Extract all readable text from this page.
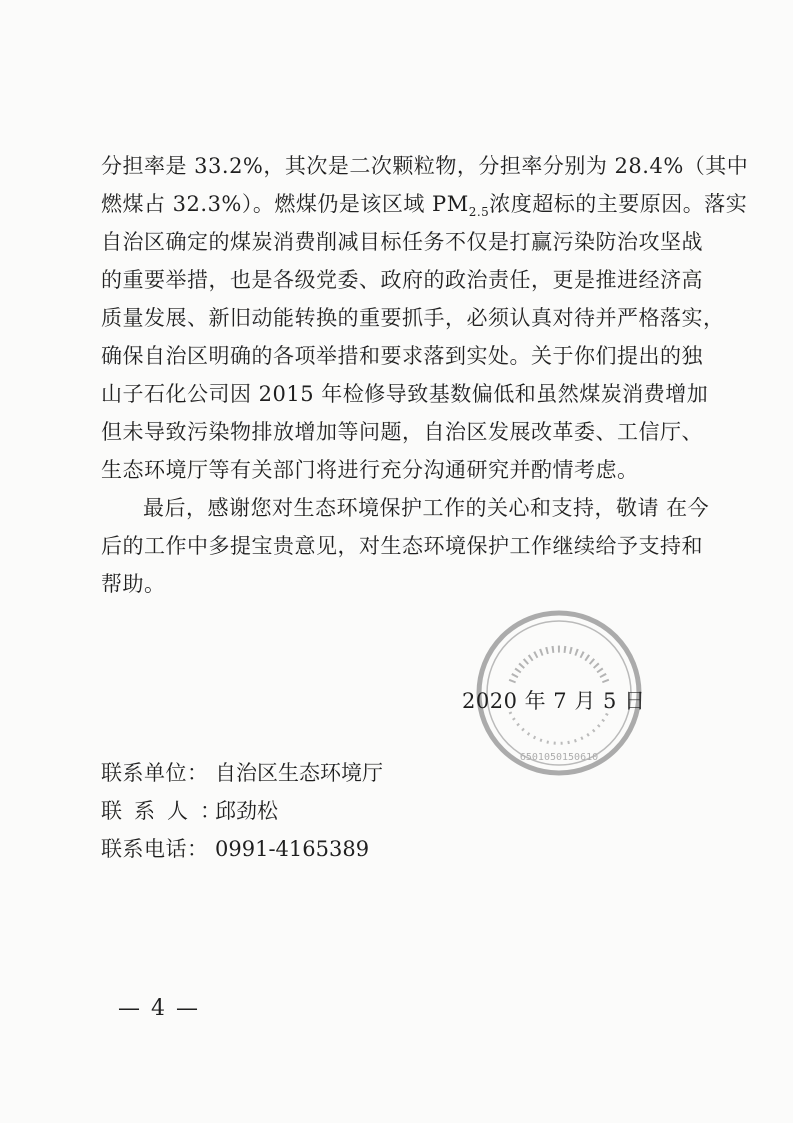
分担率是 33.2%，其次是二次颗粒物，分担率分别为 28.4%（其中
燃煤占 32.3%）。燃煤仍是该区域 $PM_{2.5}$浓度超标的主要原因。落实
自治区确定的煤炭消费削减目标任务不仅是打赢污染防治攻坚战
的重要举措，也是各级党委、政府的政治责任，更是推进经济高
质量发展、新旧动能转换的重要抓手，必须认真对待并严格落实，
确保自治区明确的各项举措和要求落到实处。关于你们提出的独
山子石化公司因 2015 年检修导致基数偏低和虽然煤炭消费增加
但未导致污染物排放增加等问题，自治区发展改革委、工信厅、
生态环境厅等有关部门将进行充分沟通研究并酌情考虑。
最后，感谢您对生态环境保护工作的关心和支持，敬请 在今
后的工作中多提宝贵意见，对生态环境保护工作继续给予支持和
帮助。
6501050150610
2020 年 7 月 5 日
联系单位： 自治区生态环境厅
联系人：邱劲松
联系电话： 0991-4165389
— 4 —
